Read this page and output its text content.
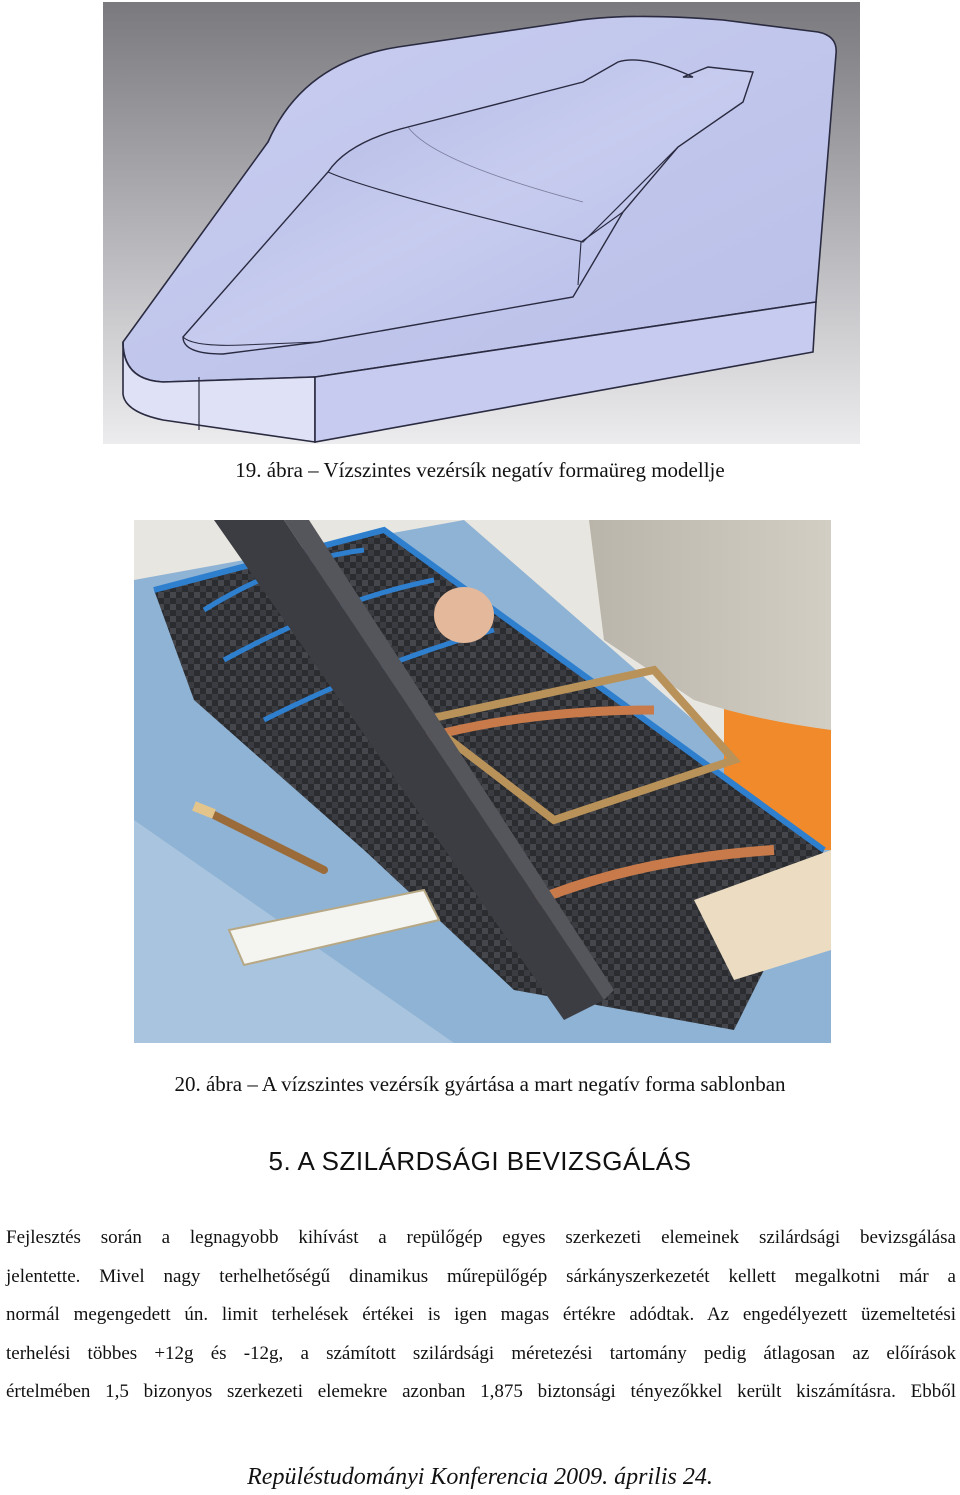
19. ábra – Vízszintes vezérsík negatív formaüreg modellje
20. ábra – A vízszintes vezérsík gyártása a mart negatív forma sablonban
5. A SZILÁRDSÁGI BEVIZSGÁLÁS

Fejlesztés során a legnagyobb kihívást a repülőgép egyes szerkezeti elemeinek szilárdsági bevizsgálása
jelentette. Mivel nagy terhelhetőségű dinamikus műrepülőgép sárkányszerkezetét kellett megalkotni már a
normál megengedett ún. limit terhelések értékei is igen magas értékre adódtak. Az engedélyezett üzemeltetési
terhelési többes +12g és -12g, a számított szilárdsági méretezési tartomány pedig átlagosan az előírások
értelmében 1,5 bizonyos szerkezeti elemekre azonban 1,875 biztonsági tényezőkkel került kiszámításra. Ebből

Repüléstudományi Konferencia 2009. április 24.
